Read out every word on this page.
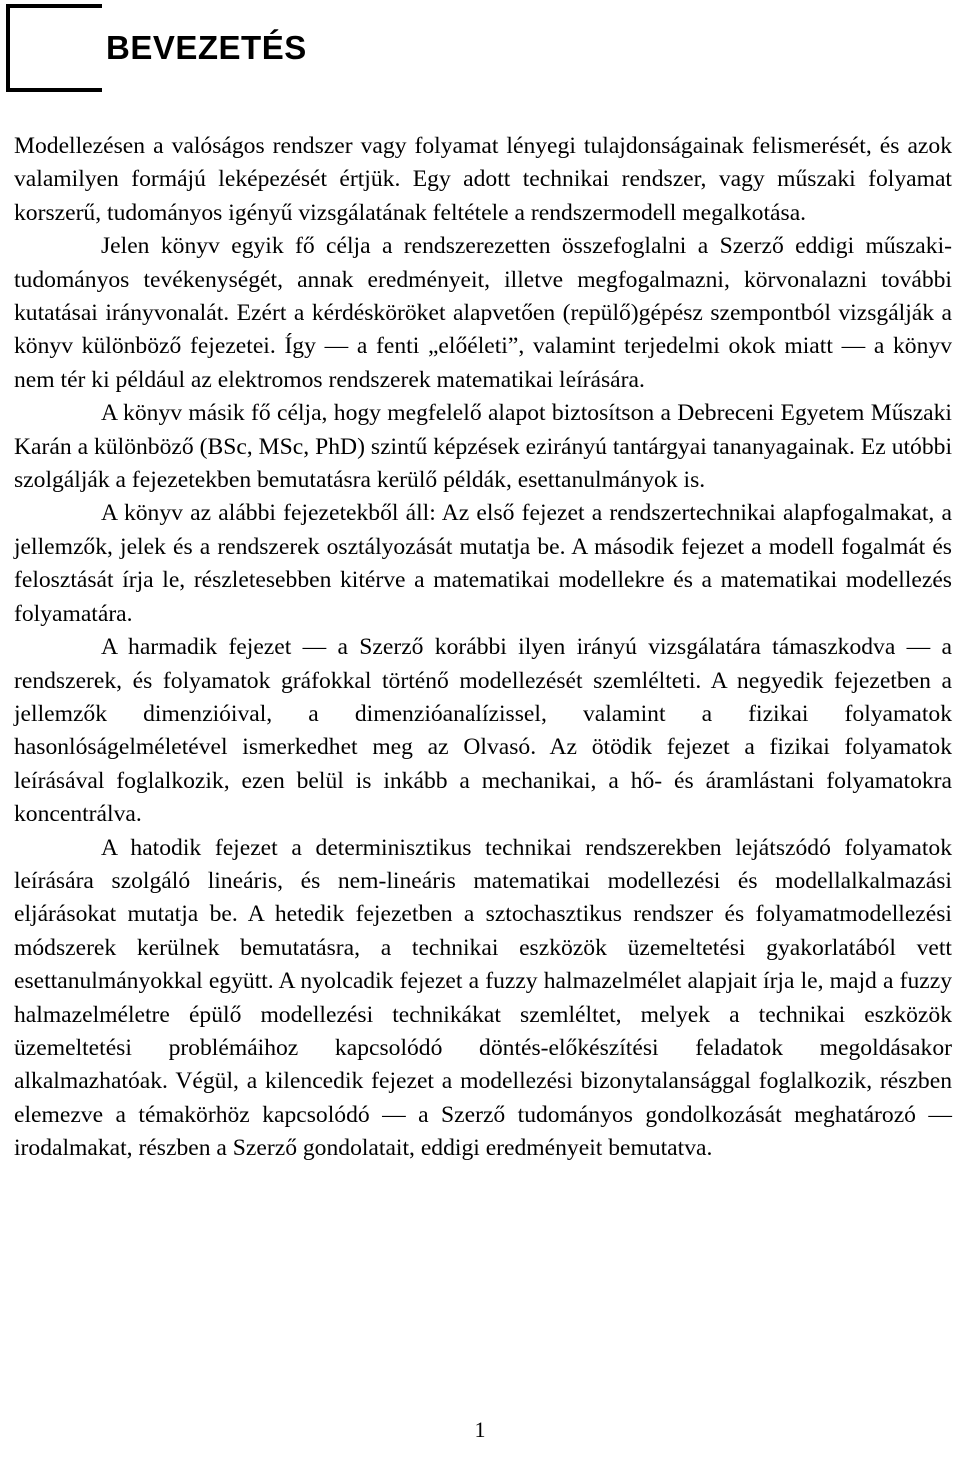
BEVEZETÉS

Modellezésen a valóságos rendszer vagy folyamat lényegi tulajdonságainak felismerését, és azok valamilyen formájú leképezését értjük. Egy adott technikai rendszer, vagy műszaki folyamat korszerű, tudományos igényű vizsgálatának feltétele a rendszermodell megalkotása.

Jelen könyv egyik fő célja a rendszerezetten összefoglalni a Szerző eddigi műszaki-tudományos tevékenységét, annak eredményeit, illetve megfogalmazni, körvonalazni további kutatásai irányvonalát. Ezért a kérdésköröket alapvetően (repülő)gépész szempontból vizsgálják a könyv különböző fejezetei. Így — a fenti „előéleti”, valamint terjedelmi okok miatt — a könyv nem tér ki például az elektromos rendszerek matematikai leírására.

A könyv másik fő célja, hogy megfelelő alapot biztosítson a Debreceni Egyetem Műszaki Karán a különböző (BSc, MSc, PhD) szintű képzések ezirányú tantárgyai tananyagainak. Ez utóbbi szolgálják a fejezetekben bemutatásra kerülő példák, esettanulmányok is.

A könyv az alábbi fejezetekből áll: Az első fejezet a rendszertechnikai alapfogalmakat, a jellemzők, jelek és a rendszerek osztályozását mutatja be. A második fejezet a modell fogalmát és felosztását írja le, részletesebben kitérve a matematikai modellekre és a matematikai modellezés folyamatára.

A harmadik fejezet — a Szerző korábbi ilyen irányú vizsgálatára támaszkodva — a rendszerek, és folyamatok gráfokkal történő modellezését szemlélteti. A negyedik fejezetben a jellemzők dimenzióival, a dimenzióanalízissel, valamint a fizikai folyamatok hasonlóságelméletével ismerkedhet meg az Olvasó. Az ötödik fejezet a fizikai folyamatok leírásával foglalkozik, ezen belül is inkább a mechanikai, a hő- és áramlástani folyamatokra koncentrálva.

A hatodik fejezet a determinisztikus technikai rendszerekben lejátszódó folyamatok leírására szolgáló lineáris, és nem-lineáris matematikai modellezési és modellalkalmazási eljárásokat mutatja be. A hetedik fejezetben a sztochasztikus rendszer és folyamatmodellezési módszerek kerülnek bemutatásra, a technikai eszközök üzemeltetési gyakorlatából vett esettanulmányokkal együtt. A nyolcadik fejezet a fuzzy halmazelmélet alapjait írja le, majd a fuzzy halmazelméletre épülő modellezési technikákat szemléltet, melyek a technikai eszközök üzemeltetési problémáihoz kapcsolódó döntés-előkészítési feladatok megoldásakor alkalmazhatóak. Végül, a kilencedik fejezet a modellezési bizonytalansággal foglalkozik, részben elemezve a témakörhöz kapcsolódó — a Szerző tudományos gondolkozását meghatározó — irodalmakat, részben a Szerző gondolatait, eddigi eredményeit bemutatva.

1
